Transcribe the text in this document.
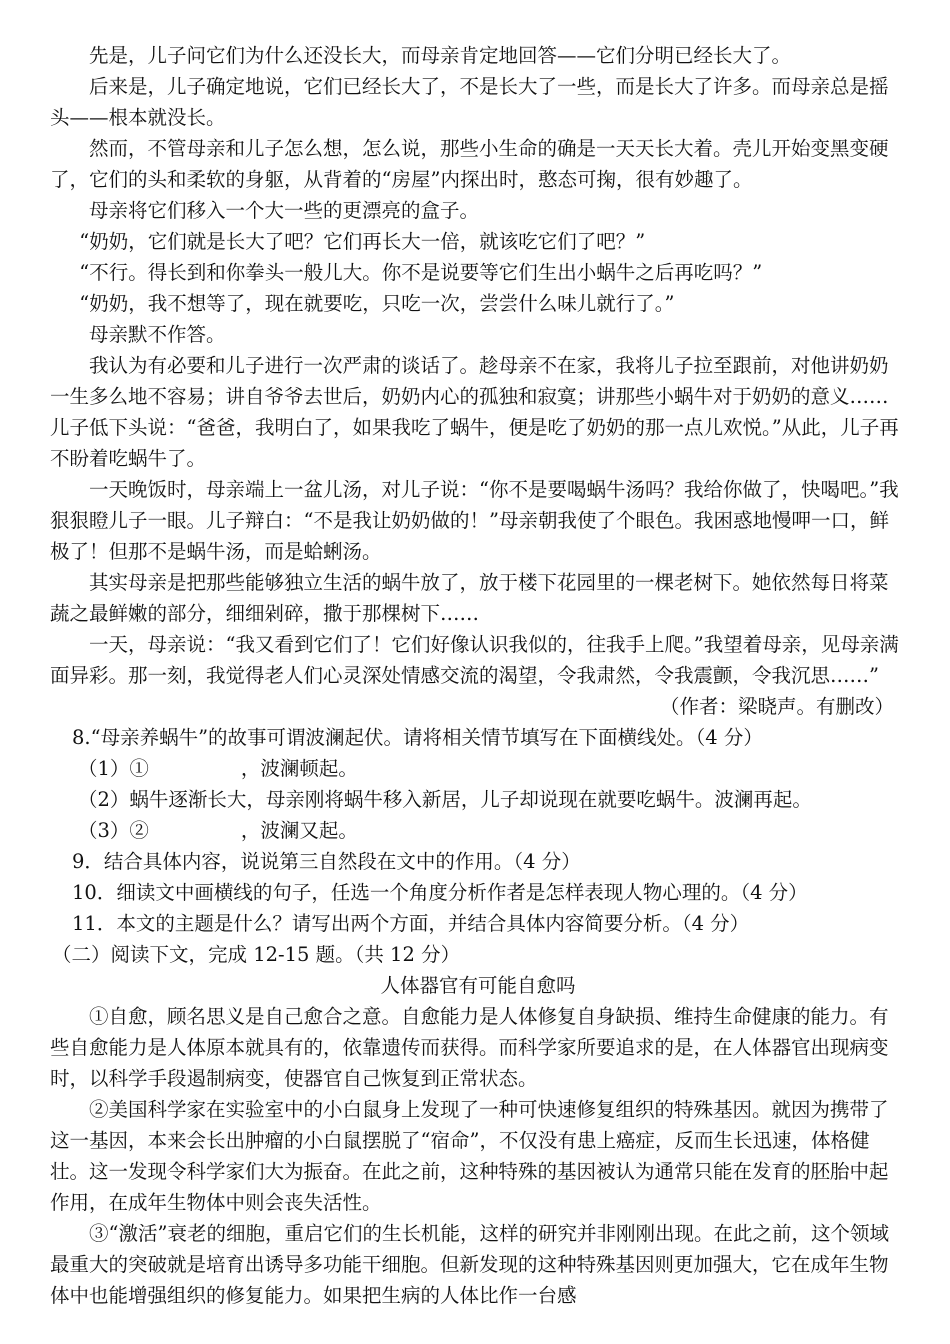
先是，儿子问它们为什么还没长大，而母亲肯定地回答——它们分明已经长大了。

后来是，儿子确定地说，它们已经长大了，不是长大了一些，而是长大了许多。而母亲总是摇头——根本就没长。

然而，不管母亲和儿子怎么想，怎么说，那些小生命的确是一天天长大着。壳儿开始变黑变硬了，它们的头和柔软的身躯，从背着的“房屋”内探出时，憨态可掬，很有妙趣了。

母亲将它们移入一个大一些的更漂亮的盒子。

“奶奶，它们就是长大了吧？它们再长大一倍，就该吃它们了吧？”

“不行。得长到和你拳头一般儿大。你不是说要等它们生出小蜗牛之后再吃吗？”

“奶奶，我不想等了，现在就要吃，只吃一次，尝尝什么味儿就行了。”

母亲默不作答。

我认为有必要和儿子进行一次严肃的谈话了。趁母亲不在家，我将儿子拉至跟前，对他讲奶奶一生多么地不容易；讲自爷爷去世后，奶奶内心的孤独和寂寞；讲那些小蜗牛对于奶奶的意义……儿子低下头说：“爸爸，我明白了，如果我吃了蜗牛，便是吃了奶奶的那一点儿欢悦。”从此，儿子再不盼着吃蜗牛了。

一天晚饭时，母亲端上一盆儿汤，对儿子说：“你不是要喝蜗牛汤吗？我给你做了，快喝吧。”我狠狠瞪儿子一眼。儿子辩白：“不是我让奶奶做的！”母亲朝我使了个眼色。我困惑地慢呷一口，鲜极了！但那不是蜗牛汤，而是蛤蜊汤。

其实母亲是把那些能够独立生活的蜗牛放了，放于楼下花园里的一棵老树下。她依然每日将菜蔬之最鲜嫩的部分，细细剁碎，撒于那棵树下……

一天，母亲说：“我又看到它们了！它们好像认识我似的，往我手上爬。”我望着母亲，见母亲满面异彩。那一刻，我觉得老人们心灵深处情感交流的渴望，令我肃然，令我震颤，令我沉思……”

（作者：梁晓声。有删改）

8.“母亲养蜗牛”的故事可谓波澜起伏。请将相关情节填写在下面横线处。（4 分）

（1）①	，波澜顿起。

（2）蜗牛逐渐长大，母亲刚将蜗牛移入新居，儿子却说现在就要吃蜗牛。波澜再起。

（3）②	，波澜又起。

9．结合具体内容，说说第三自然段在文中的作用。（4 分）

10．细读文中画横线的句子，任选一个角度分析作者是怎样表现人物心理的。（4 分）

11．本文的主题是什么？请写出两个方面，并结合具体内容简要分析。（4 分）

（二）阅读下文，完成 12-15 题。（共 12 分）

人体器官有可能自愈吗

①自愈，顾名思义是自己愈合之意。自愈能力是人体修复自身缺损、维持生命健康的能力。有些自愈能力是人体原本就具有的，依靠遗传而获得。而科学家所要追求的是，在人体器官出现病变时，以科学手段遏制病变，使器官自己恢复到正常状态。

②美国科学家在实验室中的小白鼠身上发现了一种可快速修复组织的特殊基因。就因为携带了这一基因，本来会长出肿瘤的小白鼠摆脱了“宿命”，不仅没有患上癌症，反而生长迅速，体格健壮。这一发现令科学家们大为振奋。在此之前，这种特殊的基因被认为通常只能在发育的胚胎中起作用，在成年生物体中则会丧失活性。

③“激活”衰老的细胞，重启它们的生长机能，这样的研究并非刚刚出现。在此之前，这个领域最重大的突破就是培育出诱导多功能干细胞。但新发现的这种特殊基因则更加强大，它在成年生物体中也能增强组织的修复能力。如果把生病的人体比作一台感
